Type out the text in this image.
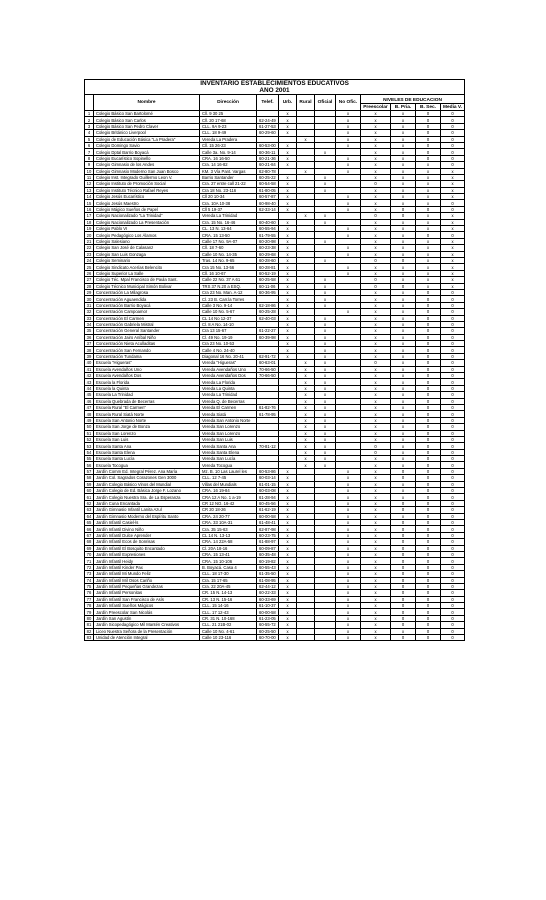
INVENTARIO ESTABLECIMIENTOS EDUCATIVOS											
AÑO 2001											
	Nombre	Dirección	Telef.	Urb.	Rural	Oficial	No Ofic.	NIVELES DE EDUCACION			
								Preescolar	B. Pria.	B. Sec.	Media V.
1	Colegio Básico San Bartolomé	Cll. 9 30 25		x			x	x	x	0	0
2	Colegio Básico San Carlos	Cll. 20 17-68	62-24-49	x			x	x	x	0	0
3	Colegio Básico San Pedro Claver	CLL. 9A 9-23	61-27-53	x			x	x	x	0	0
4	Colegio Británico Liverpool	CLL. 18 9-49	60-29-60	x			x	x	x	0	0
5	Colegio de Educación Básica "La Pradera"	Vereda La Pradera			x		x	x	x	0	0
6	Colegio Domingo Savio	Cll. 15 26-23	60-53-00	x			x	x	x	0	0
7	Colegio Dptal Barrio Boyacá	Calle 3a. No. 9-14	60-36-11	x		x		x	x	0	0
8	Colegio Eucarístico Sopinello	CRA. 16 16-50	60-21-36	x			x	x	x	0	0
9	Colegio Gimnasio de los Andes	Cra. 14 16-82	60-21-84	x			x	x	x	x	0
10	Colegio Gimnasio Moderno San Juan Bosco	KM. 3 Vía Pant. Vargas	62-80-78		x		x	x	x	x	x
11	Colegio Inst. Integrado Guillermo Leon V.	Barrio Santander	60-25-22	x		x		x	x	x	x
12	Colegio Instituto de Promoción Social	Cra. 27 entre call 21-22	60-54-58	x		x		0	x	x	x
13	Colegio Instituto Técnico Rafael Reyes	Cra 18 No. 23-116	61-80-05	x		x		x	x	x	x
14	Colegio Jesús Eucarístico	Cll 20 10-34	60-57-87	x			x	x	x	x	x
15	Colegio Jesús Maestro	Cra. 10A 10-38	60-98-40	x			x	x	x	x	0
16	Colegio Mágico Sueños de Papel	Cll 5 19-37	62-33-14	x			x	x	0	0	0
17	Colegio Nacionalizado "La Trinidad"	Vereda La Trinidad			x	x		0	0	x	x
18	Colegio Nacionalizado La Presentación	Cra. 15 No. 16-46	60-40-60	x		x		x	x	x	x
19	Colegio Pablo VI	CL. 13 N. 13-64	60-55-94	x			x	x	x	x	x
20	Colegio Pedagógico Los Álamos	CRA. 15 13-50	61-79-55	x			x	x	x	0	0
21	Colegio Salesiano	Calle 17 No. 9A-07	60-20-98	x		x		x	x	x	x
22	Colegio San José de Calasanz	Cll. 18 7-60	60-23-38	x			x	x	x	x	x
23	Colegio San Luis Gonzaga	Calle 10 No. 14-35	60-29-68	x			x	x	x	x	x
24	Colegio Seminario	Tras. 14 No. 9-65	60-28-60	x		x		0	0	x	x
25	Colegio Sindicato Acerías Belencito	Cra 15 No. 13-56	60-28-81	x			x	x	x	x	x
26	Colegio Superior La Salle	Cll. 16 10-67	60-52-19	x			x	x	x	x	x
27	Colegio Téc. Mpal Francisco de Paula Sant.	Calle 22 No. 37 A 61	60-25-58	x		x		0	x	x	x
28	Colegio Técnico Municipal Simón Bolivar	TRS 37 N.20 a ESQ.	60-11-06	x		x		0	0	x	x
29	Concentración La Milagrosa	Cra 23 No. Man. A-12	60-36-95	x		x		x	x	0	0
30	Concentración Aguaendida	Cl. 23 B. Carr.la Torres		x		x		x	x	0	0
31	Concentración Barrio Boyacá	Calle 3 No. 9-14	62-18-86	x		x		x	x	0	0
32	Concentración Campoamor	Calle 10 No. 5-67	60-25-28	x			x	x	x	0	0
33	Concentración El Carmen	CL 14 No 12-37	62-40-03	x		x		x	x	0	0
34	Concentración Gabriela Mistral	Cl. 8 A No. 14-10		x		x		x	x	0	0
35	Concentración General Santander	Cra 13 15-67	61-22-27	x		x		x	x	0	0
36	Concentración Jairo Aníbal Niño	Cl. 49 No. 19-19	60-39-98	x		x		x	x	0	0
37	Concentración Nieta Aculladitas	Cra 23 No. 10-53		x		x		x	x	0	0
38	Concentración San Fernando	Calle 4 No. 24-40		x		x		x	x	0	0
39	Concentración Tundama	Diagonal 16 No. 20-41	62-91-72	x		x		x	x	0	0
40	Escuela "Higueras"	Vereda "Higueras"	60-63-01		x	x		0	x	0	0
41	Escuela Avendaños Uno	Vereda Avendaños Uno	70-66-50		x	x		x	x	0	0
42	Escuela Avendaños Dos	Vereda Avendaños Dos	70-66-50		x	x		x	x	0	0
43	Escuela la Florida	Vereda La Florida			x	x		x	x	0	0
44	Escuela la Quinta	Vereda La Quinta			x	x		x	x	0	0
45	Escuela La Trinidad	Vereda La Trinidad			x	x		x	x	0	0
46	Escuela Quebrada de Becerras	Vereda Q. de Becerras			x	x		x	x	0	0
47	Escuela Rural "El Carmen"	Vereda El Carmen	61-82-76		x	x		x	x	0	0
48	Escuela Rural Siatá Norte	Vereda Siatá	61-78-95		x	x		x	x	0	0
49	Escuela San Antonio Norte	Vereda San Antonio Norte			x	x		x	x	0	0
50	Escuela San Jorge de Bonza	Vereda San Lorenzo			x	x		x	x	0	0
51	Escuela San Lorenzo	Vereda San Lorenzo			x	x		x	x	0	0
52	Escuela San Luis	Vereda San Luis			x	x		x	x	0	0
53	Escuela Santa Ana	Vereda Santa Ana	70-81-12		x	x		0	x	0	0
54	Escuela Santa Elena	Vereda Santa Elena			x	x		0	x	0	0
55	Escuela Santa Lucía	Vereda San Lucía			x	x		x	x	0	0
56	Escuela Tocogua	Vereda Tocogua			x	x		x	x	0	0
57	Jardín Comm Ed. Integral Pérez. Ana María	Mz. B. 10 Las Laurel les	60-53-86	x			x	x	0	0	0
58	Jardín Col. Sagrados Corazones Gen 3000	CLL. 12 7-45	60-03-14	x			x	x	0	0	0
59	Jardín Colegio Básico Vinos del Mundial	Villas del Mundials	61-01-15	x			x	x	x	0	0
60	Jardín Colegio de Ed. Básica Jorge F. Lozano	CRA. 16 19-84	60-03-08	x			x	x	x	0	0
61	Jardín Colegio Nuestra Sra. de La Esperanza	CRA 12 A No. 1 a-19	61-28-94	x			x	x	x	0	0
62	Jardín Cuna Encantada	CR 12 NO. 16-42	60-45-56	x			x	x	0	0	0
63	Jardín Gimnasio Infantil Lanita Azul	CR 20 18-26	61-62-19	x			x	x	0	0	0
64	Jardín Gimnasio Moderno del Espíritu Santo	CRA. 24 20-77	60-00-58	x			x	x	x	0	0
65	Jardín Infantil Casiel-ls	CRA. 33 10A-31	61-48-41	x			x	x	0	0	0
66	Jardín Infantil Divino Niño	Cra. 35 15-63	62-87-98	x			x	x	0	0	0
67	Jardín Infantil Dulce Aprender	CL 14 N. 13-13	60-23-75	x			x	x	0	0	0
68	Jardín Infantil Ecos de Sonrisas	CRA. 14 22A-58	61-88-97	x			x	x	0	0	0
69	Jardín Infantil El Bosquito Encantado	Cl. 20A 18-16	60-09-87	x			x	x	0	0	0
70	Jardín Infantil Expresiones	CRA. 15 13-41	60-35-48	x			x	x	0	0	0
71	Jardín Infantil Heidy	CRA. 15 10-106	60-19-82	x			x	x	0	0	0
72	Jardín Infantil Kinder Pax	B. Boyacá. Casa 4	60-55-43	x			x	x	0	0	0
73	Jardín Infantil Mi Mundo Feliz	CLL. 18 17-30	61-35-50	x			x	x	0	0	0
74	Jardín Infantil Mil Osos Cariño	Cra. 15 17-65	61-08-95	x			x	x	0	0	0
75	Jardín Infantil Pequeñas Grandezas	Cra. 22 20A-45	62-44-12	x			x	x	0	0	0
76	Jardín Infantil Personitas	CR. 15 N. 14-13	60-22-33	x			x	x	0	0	0
77	Jardín Infantil San Francisco de Asís	CR. 13 N. 15-16	60-33-69	x			x	x	0	0	0
78	Jardín Infantil Sueños Mágicos	CLL. 15 14-16	61-10-37	x			x	x	0	0	0
79	Jardín Preescolar San Nicolás	CLL. 17 12-43	60-00-58	x			x	x	0	0	0
80	Jardín San Agustín	CR. 31 N. 10-168	61-23-05	x			x	x	0	0	0
81	Jardín Sicopedagógico Mil Mantén Creativos	CLL. 21 21B-02	60-55-72	x			x	x	0	0	0
82	Liceo Nuestra Señora de la Presentación	Calle 10 No. 4-61	60-25-50	x			x	x	x	0	0
83	Unidad de Atención Integral	Calle 10 23-116	60-70-00	x			x	x	0	0	0
